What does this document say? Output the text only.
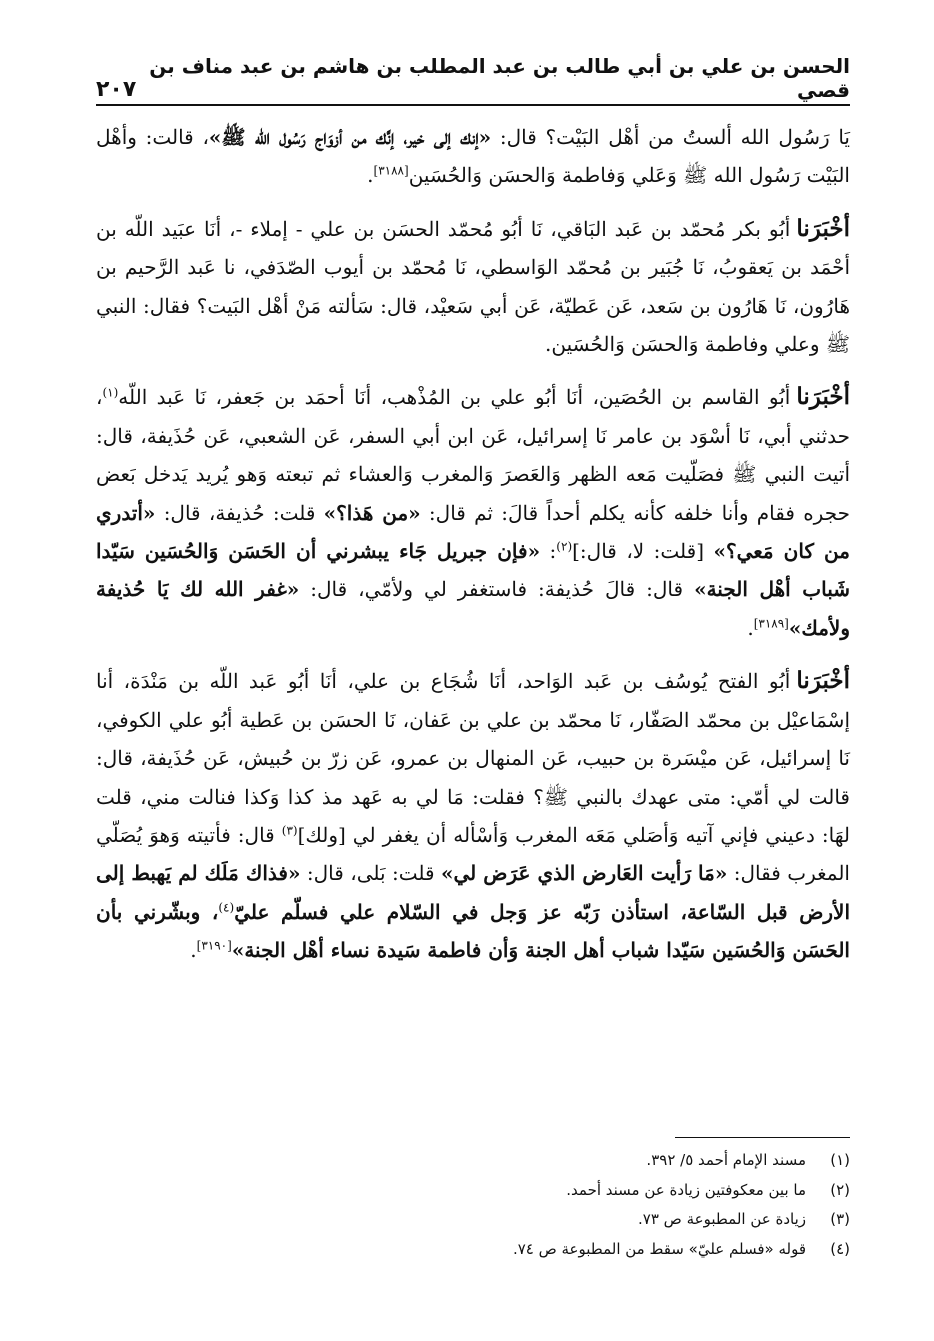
الحسن بن علي بن أبي طالب بن عبد المطلب بن هاشم بن عبد مناف بن قصي
٢٠٧

يَا رَسُول الله ألستُ من أهْل البَيْت؟ قال: «إنك إلى خير، إنَّك من أزوَاج رَسُول الله ﷺ»، قالت: وأهْل البَيْت رَسُول الله ﷺ وَعَلي وَفاطمة وَالحسَن وَالحُسَين[٣١٨٨].

أخْبَرَناأبُو بكر مُحمّد بن عَبد البَاقي، نَا أبُو مُحمّد الحسَن بن علي - إملاء -، أنَا عبَيد اللّه بن أحْمَد بن يَعقوبُ، نَا جُبَير بن مُحمّد الوَاسطي، نَا مُحمّد بن أيوب الصّدَفي، نا عَبد الرَّحيم بن هَارُون، نَا هَارُون بن سَعد، عَن عَطيّة، عَن أبي سَعيْد، قال: سَألته مَنْ أهْل البَيت؟ فقال: النبي ﷺ وعلي وفاطمة وَالحسَن وَالحُسَين.

أخْبَرَناأبُو القاسم بن الحُصَين، أنَا أبُو علي بن المُذْهب، أنَا أحمَد بن جَعفر، نَا عَبد اللّه$^{(١)}$، حدثني أبي، نَا أسْوَد بن عامر نَا إسرائيل، عَن ابن أبي السفر، عَن الشعبي، عَن حُذَيفة، قال: أتيت النبي ﷺ فصَلّيت مَعه الظهر وَالعَصرَ وَالمغرب وَالعشاء ثم تبعته وَهو يُريد يَدخل بَعض حجره فقام وأنا خلفه كأنه يكلم أحداً قالَ: ثم قال: «من هَذا؟» قلت: حُذيفة، قال: «أتدري من كان مَعي؟» [قلت: لا، قال:]$^{(٢)}$: «فإن جبريل جَاء يبشرني أن الحَسَن وَالحُسَين سَيّدا شَباب أهْل الجنة» قال: قالَ حُذيفة: فاستغفر لي ولأمّي، قال: «غفر الله لك يَا حُذيفة ولأمك»[٣١٨٩].

أخْبَرَناأبُو الفتح يُوسُف بن عَبد الوَاحد، أنَا شُجَاع بن علي، أنَا أبُو عَبد اللّه بن مَنْدَة، أنا إسْمَاعيْل بن محمّد الصَفّار، نَا محمّد بن علي بن عَفان، نَا الحسَن بن عَطية أبُو علي الكوفي، نَا إسرائيل، عَن ميْسَرة بن حبيب، عَن المنهال بن عمرو، عَن زرّ بن حُبيش، عَن حُذَيفة، قال: قالت لي أمّي: متى عهدك بالنبي ﷺ؟ فقلت: مَا لي به عَهد مذ كذا وَكذا فنالت مني، قلت لهَا: دعيني فإني آتيه وَأصَلي مَعَه المغرب وَأسْأله أن يغفر لي [ولك]$^{(٣)}$ قال: فأتيته وَهوَ يُصَلّي المغرب فقال: «مَا رَأيت العَارض الذي عَرَض لي» قلت: بَلى، قال: «فذاك مَلَك لم يَهبط إلى الأرض قبل السّاعة، استأذن رَبّه عز وَجل في السّلام علي فسلّم عليّ$^{(٤)}$، وبشّرني بأن الحَسَن وَالحُسَين سَيّدا شباب أهل الجنة وَأن فاطمة سَيدة نساء أهْل الجنة»[٣١٩٠].

(١)
مسند الإمام أحمد ٥/ ٣٩٢.
(٢)
ما بين معكوفتين زيادة عن مسند أحمد.
(٣)
زيادة عن المطبوعة ص ٧٣.
(٤)
قوله «فسلم عليّ» سقط من المطبوعة ص ٧٤.
